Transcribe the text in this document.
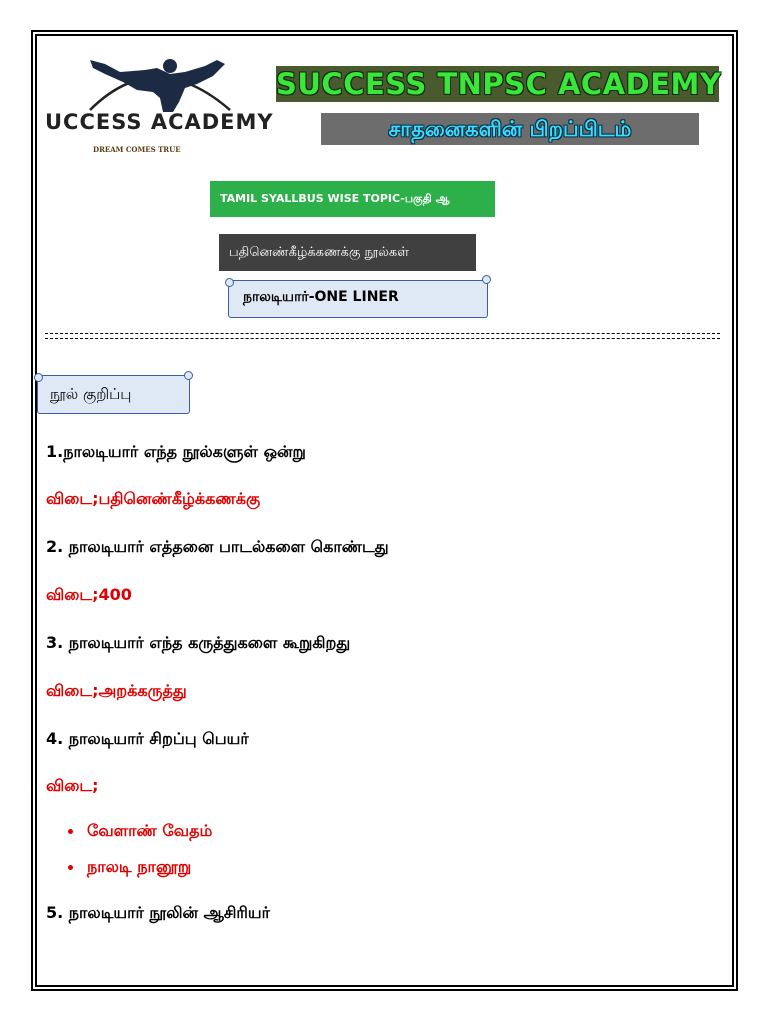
UCCESS ACADEMY
DREAM COMES TRUE
SUCCESS TNPSC ACADEMY
சாதனைகளின் பிறப்பிடம்
TAMIL SYALLBUS WISE TOPIC-பகுதி ஆ
பதினெண்கீழ்க்கணக்கு நூல்கள்
நாலடியார்-ONE LINER
நூல் குறிப்பு
1.நாலடியார் எந்த நூல்களுள் ஒன்று
விடை;பதினெண்கீழ்க்கணக்கு
2. நாலடியார் எத்தனை பாடல்களை கொண்டது
விடை;400
3. நாலடியார் எந்த கருத்துகளை கூறுகிறது
விடை;அறக்கருத்து
4. நாலடியார் சிறப்பு பெயர்
விடை;
வேளாண் வேதம்
நாலடி நானூறு
5. நாலடியார் நூலின் ஆசிரியர்
